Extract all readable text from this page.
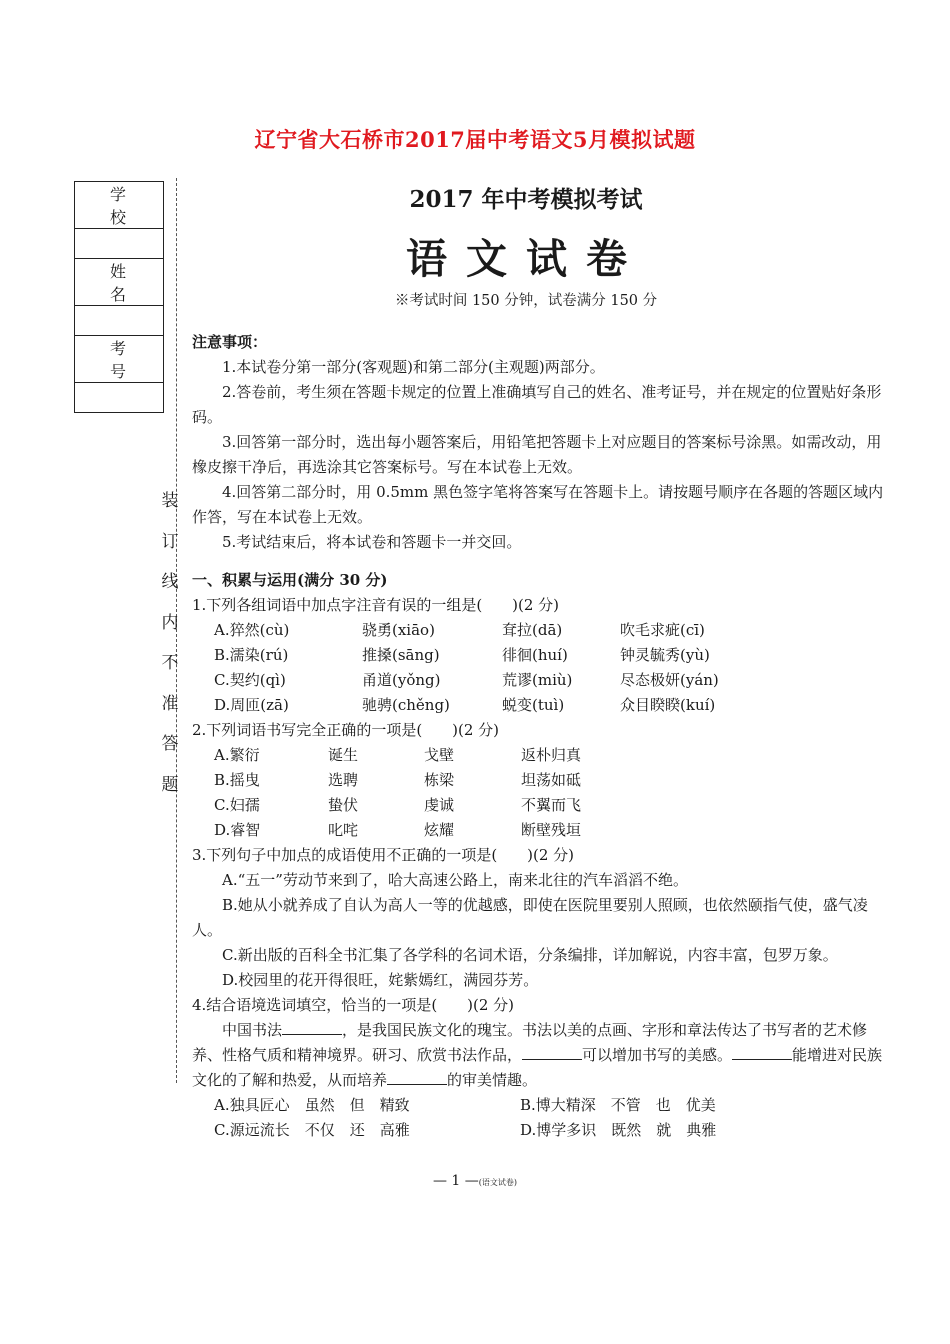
辽宁省大石桥市2017届中考语文5月模拟试题
学 校

姓 名

考 号

装
订
线
内
不
准
答
题
2017 年中考模拟考试
语文试卷
※考试时间 150 分钟，试卷满分 150 分

注意事项：

1.本试卷分第一部分(客观题)和第二部分(主观题)两部分。

2.答卷前，考生须在答题卡规定的位置上准确填写自己的姓名、准考证号，并在规定的位置贴好条形码。

3.回答第一部分时，选出每小题答案后，用铅笔把答题卡上对应题目的答案标号涂黑。如需改动，用橡皮擦干净后，再选涂其它答案标号。写在本试卷上无效。

4.回答第二部分时，用 0.5mm 黑色签字笔将答案写在答题卡上。请按题号顺序在各题的答题区域内作答，写在本试卷上无效。

5.考试结束后，将本试卷和答题卡一并交回。

一、积累与运用(满分 30 分)

1.下列各组词语中加点字注音有误的一组是(　　)(2 分)

A.猝然(cù)	骁勇(xiāo)	耷拉(dā)	吹毛求疵(cī)
B.濡染(rú)	推搡(sāng)	徘徊(huí)	钟灵毓秀(yù)
C.契约(qì)	甬道(yǒng)	荒谬(miù)	尽态极妍(yán)
D.周匝(zā)	驰骋(chěng)	蜕变(tuì)	众目睽睽(kuí)

2.下列词语书写完全正确的一项是(　　)(2 分)

A.繁衍	诞生	戈壁	返朴归真
B.摇曳	选聘	栋梁	坦荡如砥
C.妇孺	蛰伏	虔诚	不翼而飞
D.睿智	叱咤	炫耀	断壁残垣

3.下列句子中加点的成语使用不正确的一项是(　　)(2 分)

A.“五一”劳动节来到了，哈大高速公路上，南来北往的汽车滔滔不绝。

B.她从小就养成了自认为高人一等的优越感，即使在医院里要别人照顾，也依然颐指气使，盛气凌人。

C.新出版的百科全书汇集了各学科的名词术语，分条编排，详加解说，内容丰富，包罗万象。

D.校园里的花开得很旺，姹紫嫣红，满园芬芳。

4.结合语境选词填空，恰当的一项是(　　)(2 分)

中国书法	，是我国民族文化的瑰宝。书法以美的点画、字形和章法传达了书写者的艺术修养、性格气质和精神境界。研习、欣赏书法作品，	可以增加书写的美感。	能增进对民族文化的了解和热爱，从而培养	的审美情趣。

A.独具匠心　虽然　但　精致	B.博大精深　不管　也　优美
C.源远流长　不仅　还　高雅	D.博学多识　既然　就　典雅
— 1 —(语文试卷)
